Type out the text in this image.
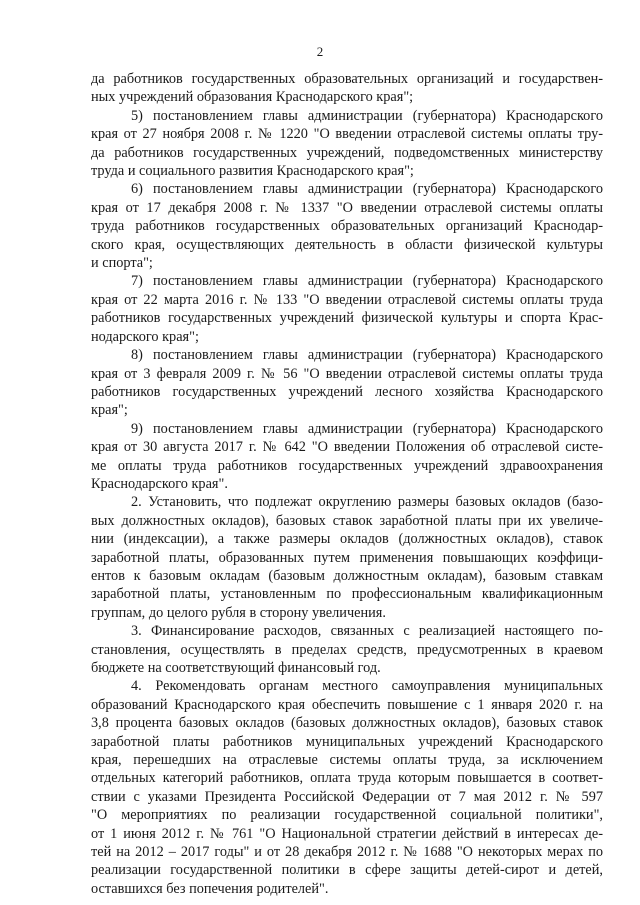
2
да работников государственных образовательных организаций и государствен-
ных учреждений образования Краснодарского края";
5) постановлением главы администрации (губернатора) Краснодарского
края от 27 ноября 2008 г. № 1220 "О введении отраслевой системы оплаты тру-
да работников государственных учреждений, подведомственных министерству
труда и социального развития Краснодарского края";
6) постановлением главы администрации (губернатора) Краснодарского
края от 17 декабря 2008 г. № 1337 "О введении отраслевой системы оплаты
труда работников государственных образовательных организаций Краснодар-
ского края, осуществляющих деятельность в области физической культуры
и спорта";
7) постановлением главы администрации (губернатора) Краснодарского
края от 22 марта 2016 г. № 133 "О введении отраслевой системы оплаты труда
работников государственных учреждений физической культуры и спорта Крас-
нодарского края";
8) постановлением главы администрации (губернатора) Краснодарского
края от 3 февраля 2009 г. № 56 "О введении отраслевой системы оплаты труда
работников государственных учреждений лесного хозяйства Краснодарского
края";
9) постановлением главы администрации (губернатора) Краснодарского
края от 30 августа 2017 г. № 642 "О введении Положения об отраслевой систе-
ме оплаты труда работников государственных учреждений здравоохранения
Краснодарского края".
2. Установить, что подлежат округлению размеры базовых окладов (базо-
вых должностных окладов), базовых ставок заработной платы при их увеличе-
нии (индексации), а также размеры окладов (должностных окладов), ставок
заработной платы, образованных путем применения повышающих коэффици-
ентов к базовым окладам (базовым должностным окладам), базовым ставкам
заработной платы, установленным по профессиональным квалификационным
группам, до целого рубля в сторону увеличения.
3. Финансирование расходов, связанных с реализацией настоящего по-
становления, осуществлять в пределах средств, предусмотренных в краевом
бюджете на соответствующий финансовый год.
4. Рекомендовать органам местного самоуправления муниципальных
образований Краснодарского края обеспечить повышение с 1 января 2020 г. на
3,8 процента базовых окладов (базовых должностных окладов), базовых ставок
заработной платы работников муниципальных учреждений Краснодарского
края, перешедших на отраслевые системы оплаты труда, за исключением
отдельных категорий работников, оплата труда которым повышается в соответ-
ствии с указами Президента Российской Федерации от 7 мая 2012 г. № 597
"О мероприятиях по реализации государственной социальной политики",
от 1 июня 2012 г. № 761 "О Национальной стратегии действий в интересах де-
тей на 2012 – 2017 годы" и от 28 декабря 2012 г. № 1688 "О некоторых мерах по
реализации государственной политики в сфере защиты детей-сирот и детей,
оставшихся без попечения родителей".
